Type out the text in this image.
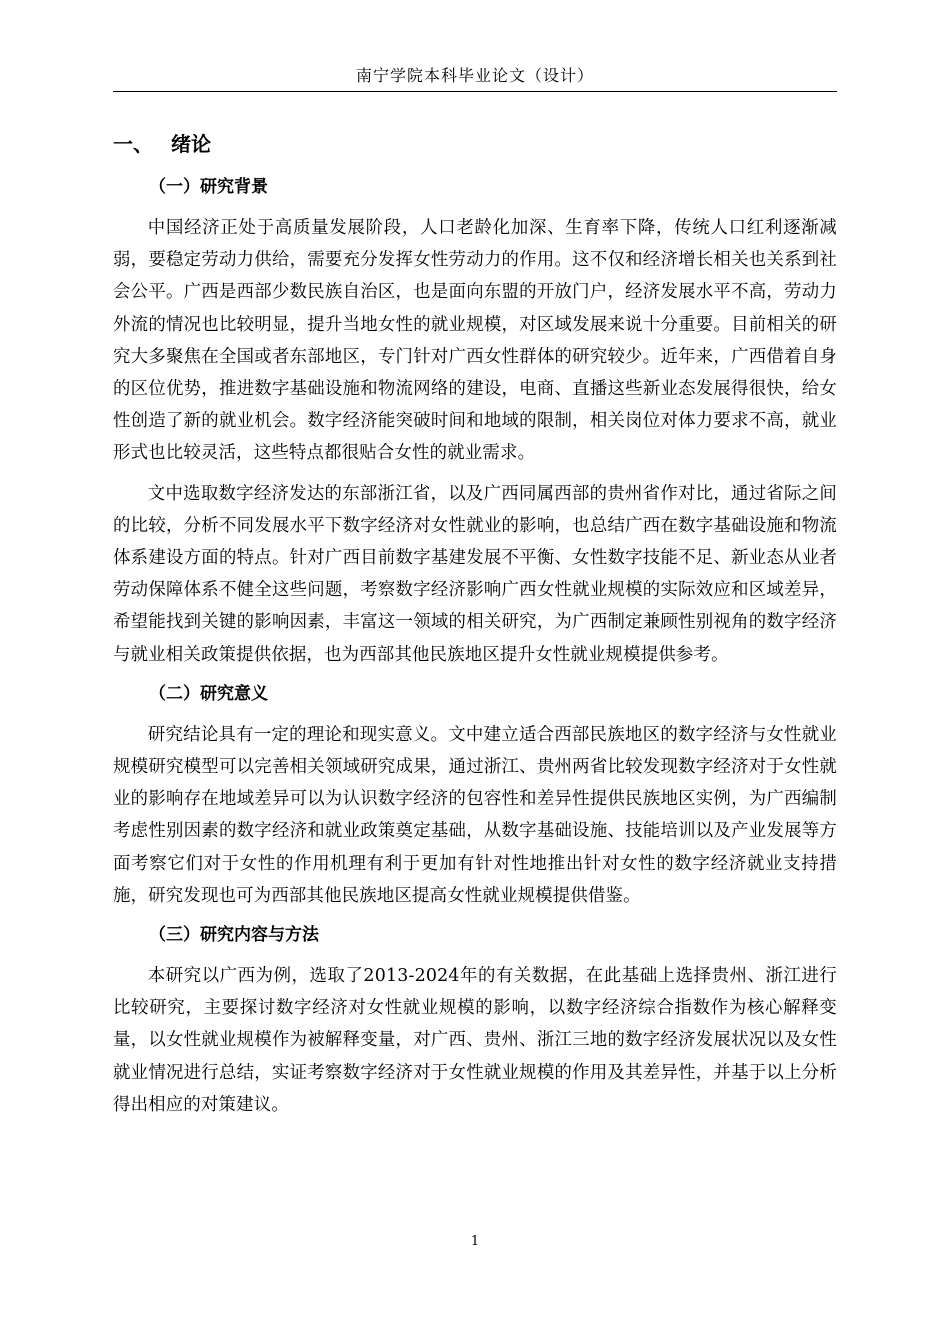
南宁学院本科毕业论文（设计）
一、 绪论
（一）研究背景

中国经济正处于高质量发展阶段，人口老龄化加深、生育率下降，传统人口红利逐渐减弱，要稳定劳动力供给，需要充分发挥女性劳动力的作用。这不仅和经济增长相关也关系到社会公平。广西是西部少数民族自治区，也是面向东盟的开放门户，经济发展水平不高，劳动力外流的情况也比较明显，提升当地女性的就业规模，对区域发展来说十分重要。目前相关的研究大多聚焦在全国或者东部地区，专门针对广西女性群体的研究较少。近年来，广西借着自身的区位优势，推进数字基础设施和物流网络的建设，电商、直播这些新业态发展得很快，给女性创造了新的就业机会。数字经济能突破时间和地域的限制，相关岗位对体力要求不高，就业形式也比较灵活，这些特点都很贴合女性的就业需求。

文中选取数字经济发达的东部浙江省，以及广西同属西部的贵州省作对比，通过省际之间的比较，分析不同发展水平下数字经济对女性就业的影响，也总结广西在数字基础设施和物流体系建设方面的特点。针对广西目前数字基建发展不平衡、女性数字技能不足、新业态从业者劳动保障体系不健全这些问题，考察数字经济影响广西女性就业规模的实际效应和区域差异，希望能找到关键的影响因素，丰富这一领域的相关研究，为广西制定兼顾性别视角的数字经济与就业相关政策提供依据，也为西部其他民族地区提升女性就业规模提供参考。

（二）研究意义

研究结论具有一定的理论和现实意义。文中建立适合西部民族地区的数字经济与女性就业规模研究模型可以完善相关领域研究成果，通过浙江、贵州两省比较发现数字经济对于女性就业的影响存在地域差异可以为认识数字经济的包容性和差异性提供民族地区实例，为广西编制考虑性别因素的数字经济和就业政策奠定基础，从数字基础设施、技能培训以及产业发展等方面考察它们对于女性的作用机理有利于更加有针对性地推出针对女性的数字经济就业支持措施，研究发现也可为西部其他民族地区提高女性就业规模提供借鉴。

（三）研究内容与方法

本研究以广西为例，选取了2013-2024年的有关数据，在此基础上选择贵州、浙江进行比较研究，主要探讨数字经济对女性就业规模的影响，以数字经济综合指数作为核心解释变量，以女性就业规模作为被解释变量，对广西、贵州、浙江三地的数字经济发展状况以及女性就业情况进行总结，实证考察数字经济对于女性就业规模的作用及其差异性，并基于以上分析得出相应的对策建议。

1
